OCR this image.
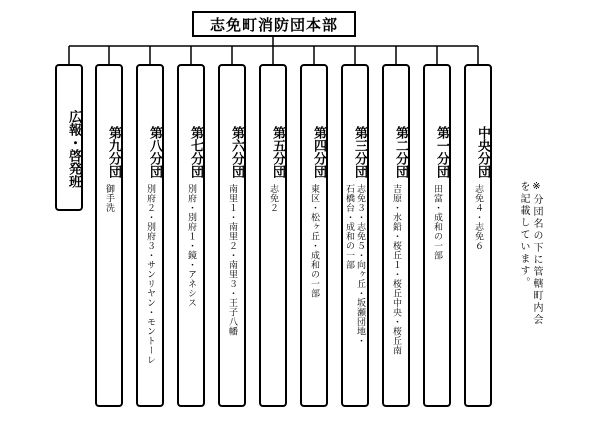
志免町消防団本部
広報・啓発班	第九分団
御手洗
第八分団
別府２・別府３・サンリヤン・モントーレ
第七分団
別府・別府１・鏡・アネシス
第六分団
南里１・南里２・南里３・王子八幡
第五分団
志免２
第四分団
東区・松ヶ丘・成和の一部
第三分団
志免３・志免５・向ヶ丘・坂瀬団地・
石橋台・成和の一部
第二分団
吉原・水鉛・桜丘１・桜丘中央・桜丘南
第一分団
田富・成和の一部
中央分団
志免４・志免６	※分団名の下に管轄町内会
を記載しています。
